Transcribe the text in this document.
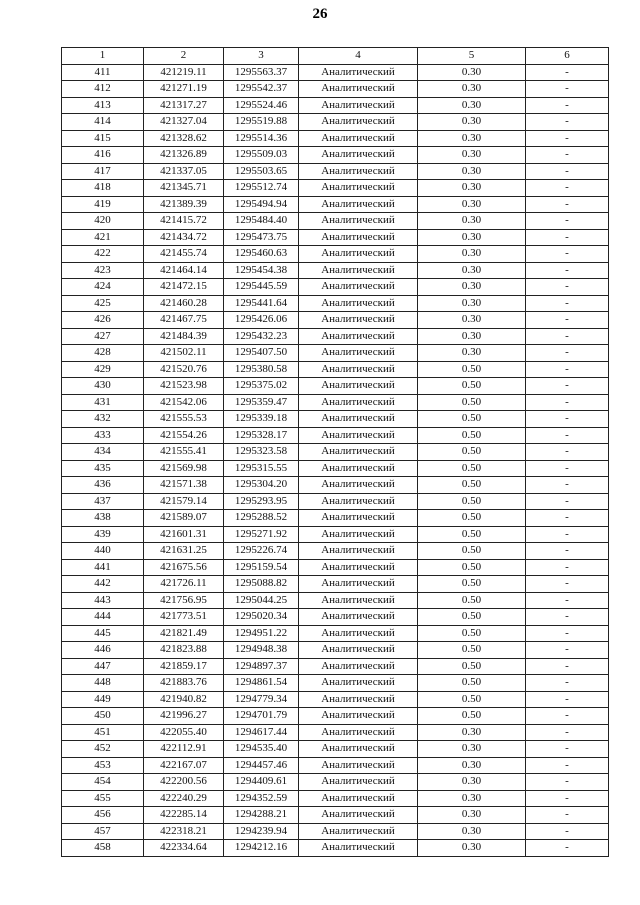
26
1	2	3	4	5	6
411	421219.11	1295563.37	Аналитический	0.30	-
412	421271.19	1295542.37	Аналитический	0.30	-
413	421317.27	1295524.46	Аналитический	0.30	-
414	421327.04	1295519.88	Аналитический	0.30	-
415	421328.62	1295514.36	Аналитический	0.30	-
416	421326.89	1295509.03	Аналитический	0.30	-
417	421337.05	1295503.65	Аналитический	0.30	-
418	421345.71	1295512.74	Аналитический	0.30	-
419	421389.39	1295494.94	Аналитический	0.30	-
420	421415.72	1295484.40	Аналитический	0.30	-
421	421434.72	1295473.75	Аналитический	0.30	-
422	421455.74	1295460.63	Аналитический	0.30	-
423	421464.14	1295454.38	Аналитический	0.30	-
424	421472.15	1295445.59	Аналитический	0.30	-
425	421460.28	1295441.64	Аналитический	0.30	-
426	421467.75	1295426.06	Аналитический	0.30	-
427	421484.39	1295432.23	Аналитический	0.30	-
428	421502.11	1295407.50	Аналитический	0.30	-
429	421520.76	1295380.58	Аналитический	0.50	-
430	421523.98	1295375.02	Аналитический	0.50	-
431	421542.06	1295359.47	Аналитический	0.50	-
432	421555.53	1295339.18	Аналитический	0.50	-
433	421554.26	1295328.17	Аналитический	0.50	-
434	421555.41	1295323.58	Аналитический	0.50	-
435	421569.98	1295315.55	Аналитический	0.50	-
436	421571.38	1295304.20	Аналитический	0.50	-
437	421579.14	1295293.95	Аналитический	0.50	-
438	421589.07	1295288.52	Аналитический	0.50	-
439	421601.31	1295271.92	Аналитический	0.50	-
440	421631.25	1295226.74	Аналитический	0.50	-
441	421675.56	1295159.54	Аналитический	0.50	-
442	421726.11	1295088.82	Аналитический	0.50	-
443	421756.95	1295044.25	Аналитический	0.50	-
444	421773.51	1295020.34	Аналитический	0.50	-
445	421821.49	1294951.22	Аналитический	0.50	-
446	421823.88	1294948.38	Аналитический	0.50	-
447	421859.17	1294897.37	Аналитический	0.50	-
448	421883.76	1294861.54	Аналитический	0.50	-
449	421940.82	1294779.34	Аналитический	0.50	-
450	421996.27	1294701.79	Аналитический	0.50	-
451	422055.40	1294617.44	Аналитический	0.30	-
452	422112.91	1294535.40	Аналитический	0.30	-
453	422167.07	1294457.46	Аналитический	0.30	-
454	422200.56	1294409.61	Аналитический	0.30	-
455	422240.29	1294352.59	Аналитический	0.30	-
456	422285.14	1294288.21	Аналитический	0.30	-
457	422318.21	1294239.94	Аналитический	0.30	-
458	422334.64	1294212.16	Аналитический	0.30	-
